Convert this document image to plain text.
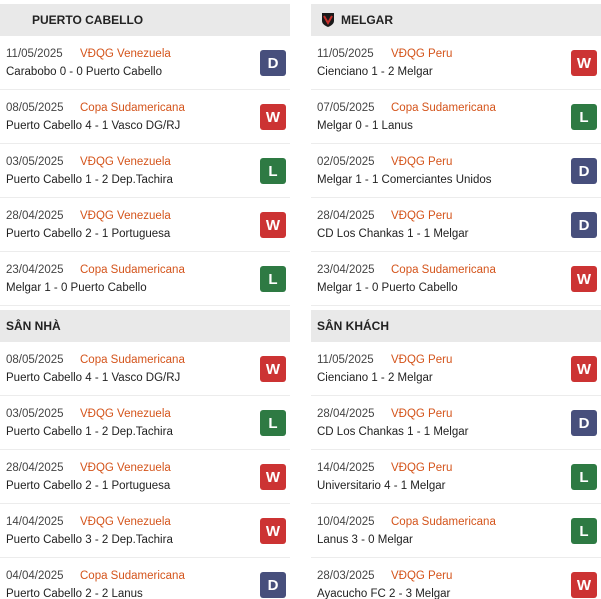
PUERTO CABELLO
11/05/2025 VĐQG Venezuela
Carabobo 0 - 0 Puerto Cabello
D
08/05/2025 Copa Sudamericana
Puerto Cabello 4 - 1 Vasco DG/RJ
W
03/05/2025 VĐQG Venezuela
Puerto Cabello 1 - 2 Dep.Tachira
L
28/04/2025 VĐQG Venezuela
Puerto Cabello 2 - 1 Portuguesa
W
23/04/2025 Copa Sudamericana
Melgar 1 - 0 Puerto Cabello
L
SÂN NHÀ
08/05/2025 Copa Sudamericana
Puerto Cabello 4 - 1 Vasco DG/RJ
W
03/05/2025 VĐQG Venezuela
Puerto Cabello 1 - 2 Dep.Tachira
L
28/04/2025 VĐQG Venezuela
Puerto Cabello 2 - 1 Portuguesa
W
14/04/2025 VĐQG Venezuela
Puerto Cabello 3 - 2 Dep.Tachira
W
04/04/2025 Copa Sudamericana
Puerto Cabello 2 - 2 Lanus
D
MELGAR
11/05/2025 VĐQG Peru
Cienciano 1 - 2 Melgar
W
07/05/2025 Copa Sudamericana
Melgar 0 - 1 Lanus
L
02/05/2025 VĐQG Peru
Melgar 1 - 1 Comerciantes Unidos
D
28/04/2025 VĐQG Peru
CD Los Chankas 1 - 1 Melgar
D
23/04/2025 Copa Sudamericana
Melgar 1 - 0 Puerto Cabello
W
SÂN KHÁCH
11/05/2025 VĐQG Peru
Cienciano 1 - 2 Melgar
W
28/04/2025 VĐQG Peru
CD Los Chankas 1 - 1 Melgar
D
14/04/2025 VĐQG Peru
Universitario 4 - 1 Melgar
L
10/04/2025 Copa Sudamericana
Lanus 3 - 0 Melgar
L
28/03/2025 VĐQG Peru
Ayacucho FC 2 - 3 Melgar
W
